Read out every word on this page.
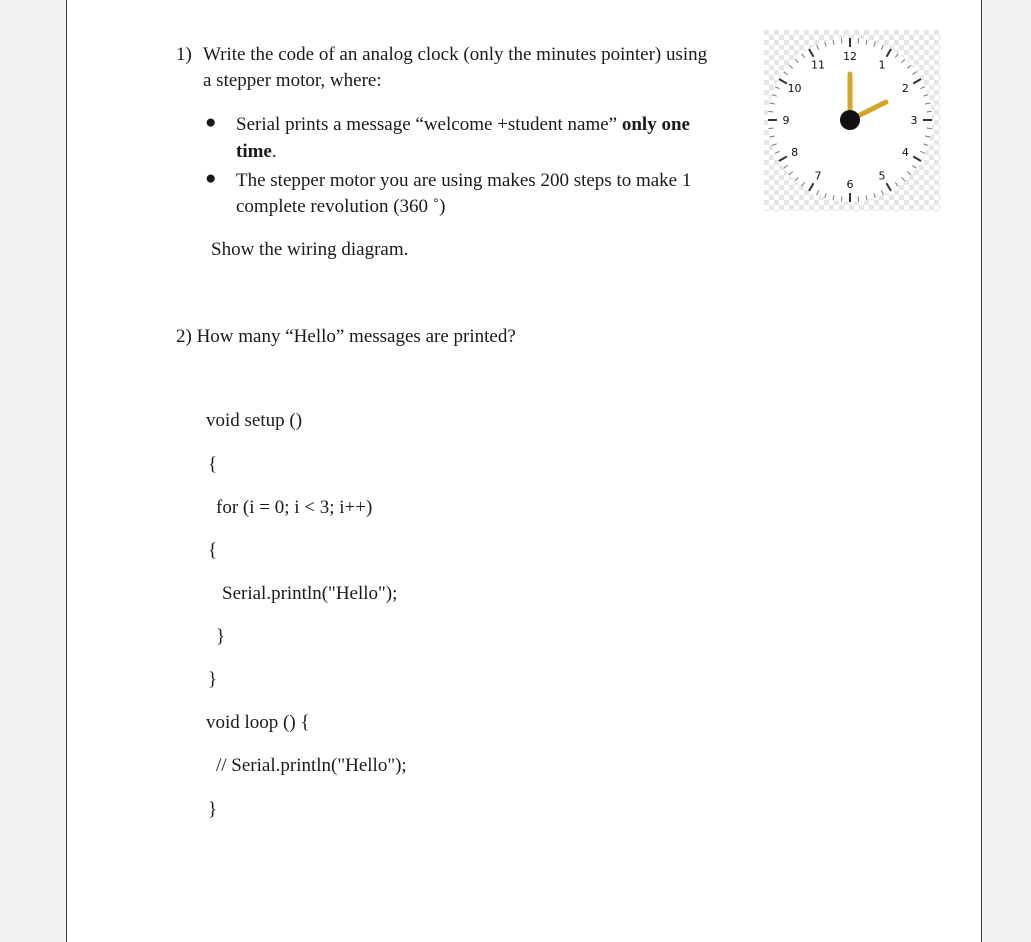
1) Write the code of an analog clock (only the minutes pointer) using
a stepper motor, where:
● Serial prints a message “welcome +student name” only one
time.
● The stepper motor you are using makes 200 steps to make 1
complete revolution (360 ˚)
Show the wiring diagram.
12
1
2
3
4
5
6
7
8
9
10
11
2) How many “Hello” messages are printed?
void setup ()
{
for (i = 0; i < 3; i++)
{
Serial.println("Hello");
}
}
void loop () {
// Serial.println("Hello");
}
